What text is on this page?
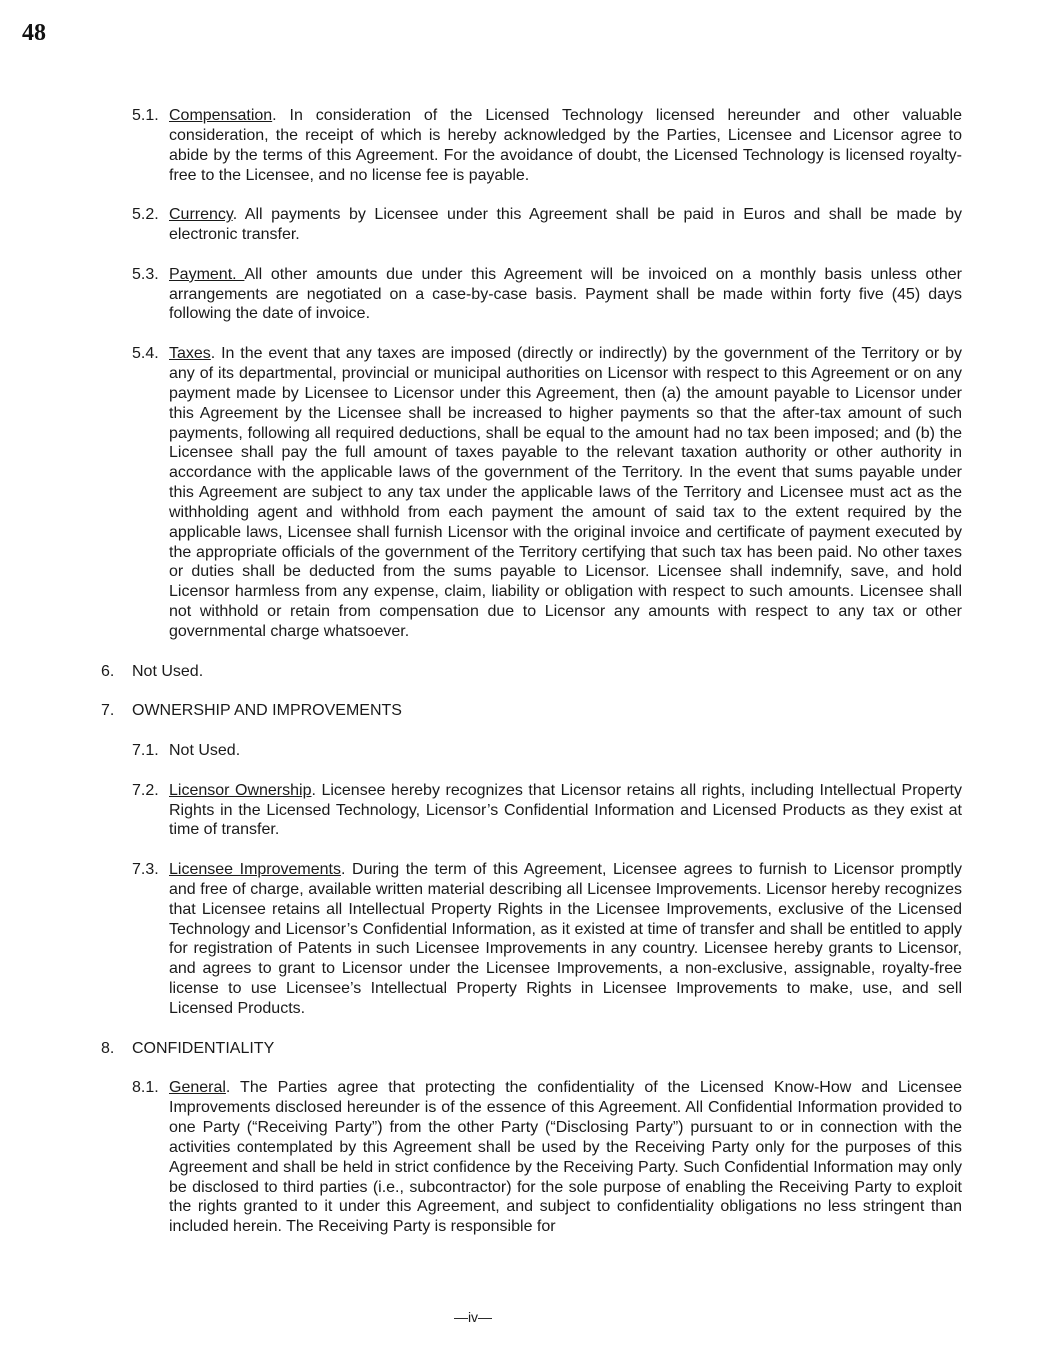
48
5.1. Compensation. In consideration of the Licensed Technology licensed hereunder and other valuable consideration, the receipt of which is hereby acknowledged by the Parties, Licensee and Licensor agree to abide by the terms of this Agreement. For the avoidance of doubt, the Licensed Technology is licensed royalty-free to the Licensee, and no license fee is payable.
5.2. Currency. All payments by Licensee under this Agreement shall be paid in Euros and shall be made by electronic transfer.
5.3. Payment. All other amounts due under this Agreement will be invoiced on a monthly basis unless other arrangements are negotiated on a case-by-case basis. Payment shall be made within forty five (45) days following the date of invoice.
5.4. Taxes. In the event that any taxes are imposed (directly or indirectly) by the government of the Territory or by any of its departmental, provincial or municipal authorities on Licensor with respect to this Agreement or on any payment made by Licensee to Licensor under this Agreement, then (a) the amount payable to Licensor under this Agreement by the Licensee shall be increased to higher payments so that the after-tax amount of such payments, following all required deductions, shall be equal to the amount had no tax been imposed; and (b) the Licensee shall pay the full amount of taxes payable to the relevant taxation authority or other authority in accordance with the applicable laws of the government of the Territory. In the event that sums payable under this Agreement are subject to any tax under the applicable laws of the Territory and Licensee must act as the withholding agent and withhold from each payment the amount of said tax to the extent required by the applicable laws, Licensee shall furnish Licensor with the original invoice and certificate of payment executed by the appropriate officials of the government of the Territory certifying that such tax has been paid. No other taxes or duties shall be deducted from the sums payable to Licensor. Licensee shall indemnify, save, and hold Licensor harmless from any expense, claim, liability or obligation with respect to such amounts. Licensee shall not withhold or retain from compensation due to Licensor any amounts with respect to any tax or other governmental charge whatsoever.
6.	Not Used.
7.	OWNERSHIP AND IMPROVEMENTS
7.1. Not Used.
7.2. Licensor Ownership. Licensee hereby recognizes that Licensor retains all rights, including Intellectual Property Rights in the Licensed Technology, Licensor’s Confidential Information and Licensed Products as they exist at time of transfer.
7.3. Licensee Improvements. During the term of this Agreement, Licensee agrees to furnish to Licensor promptly and free of charge, available written material describing all Licensee Improvements. Licensor hereby recognizes that Licensee retains all Intellectual Property Rights in the Licensee Improvements, exclusive of the Licensed Technology and Licensor’s Confidential Information, as it existed at time of transfer and shall be entitled to apply for registration of Patents in such Licensee Improvements in any country. Licensee hereby grants to Licensor, and agrees to grant to Licensor under the Licensee Improvements, a non-exclusive, assignable, royalty-free license to use Licensee’s Intellectual Property Rights in Licensee Improvements to make, use, and sell Licensed Products.
8.	CONFIDENTIALITY
8.1. General. The Parties agree that protecting the confidentiality of the Licensed Know-How and Licensee Improvements disclosed hereunder is of the essence of this Agreement. All Confidential Information provided to one Party (“Receiving Party”) from the other Party (“Disclosing Party”) pursuant to or in connection with the activities contemplated by this Agreement shall be used by the Receiving Party only for the purposes of this Agreement and shall be held in strict confidence by the Receiving Party. Such Confidential Information may only be disclosed to third parties (i.e., subcontractor) for the sole purpose of enabling the Receiving Party to exploit the rights granted to it under this Agreement, and subject to confidentiality obligations no less stringent than included herein. The Receiving Party is responsible for
—iv—
